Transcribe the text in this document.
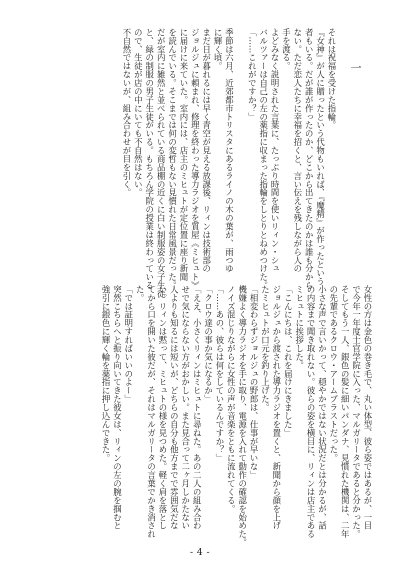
一
それは祝福を受けた指輪。
『女神』が人に贈ったという代物もいれば、『魔精』が作ったという
者もいる。だが誰が作ったのか、どこから出てきたのかは誰も分から
ない。ただ恋人たちに幸福を招くと、言い伝えを残しながら人の
手を渡る。
よどみなく説明された言葉に、たっぷり時間を使いリィン・シュ
バルツァーは自己の左の薬指に収まった指輪をしとりとねめつけた。
「……これがですか？」
季節は六月、近郊都市トリスタにあるライノの木の葉が、雨つゆ
に輝く頃。
まだ日が暮れるには早く青空が見える放課後、リィンは技術部の
ジョルジュに頼まれ、修理を終わった導力ラジオを質屋《ミヒュト》
に届けに来ていた。室内には、店主のミヒュトが定位置に座り新聞
を読んでいる。そこまでは何の変哲もない見慣れた日常風景だった。
だが室内に雑然と並べられている商品棚の近くに白い制服姿の女子生徒
と、緑の制服の男子生徒がいる。もちろん学院の授業は終わっている
ので、生徒が店の中にいても不自然はない。
不自然ではないが、組み合わせが目を引く。
女性の方は金色の巻き毛で、丸い体型、彼ら姿ではあるが、一目
で今年一年度士官学院に入った、マルガリータであると分かった。
そしてもう一人、銀色の髪に細いパンダナ、見慣れた機関は、二年
の先輩であるクロウ・アームブラストだった。
小さな声で言いかって、穏やかではない状況だとは分かるが、話
の内容まで聞き取れない。彼らの姿を横目に、リィンは店主である
ミヒュトに挨拶した。
「こんにちは、これを届けにきました」
ジョルジュから渡された導力ラジオを置くと、新聞から顔を上げ
たミヒュトが口元を釣り上げた。
「相変わらずジョルジュの野郎は、仕事が早いな」
機嫌よく導力ラジオを手に取り、電源を入れて動作の確認を始めた。
ノイズ混じりながらに女性の声が音楽をともに流れてくる。
「……あの、彼らは何をしているんですか？」
「クロウ達の事か気になるか」
「ええ、小さくリィンはミヒュトに尋ねた。あの二人の組み合わ
せで気にならない方がおかしい。また見合って二ヶ月しかたない
人よりも知るには短いが、どちらの自分も他方までで雰囲気だな
い。リィンは黙って、ミヒュトの様を見つめた。軽く肩を落とし
てから口を開いた彼だが、それはマルガリータの言葉でかき消され
た。
「では証明すればいいのよー」
突然こちらへと振り向いてきた彼女は、リィンの左の腕を掴むと
強引に銀色に輝く輪を薬指に押し込んできた。
- 4 -
